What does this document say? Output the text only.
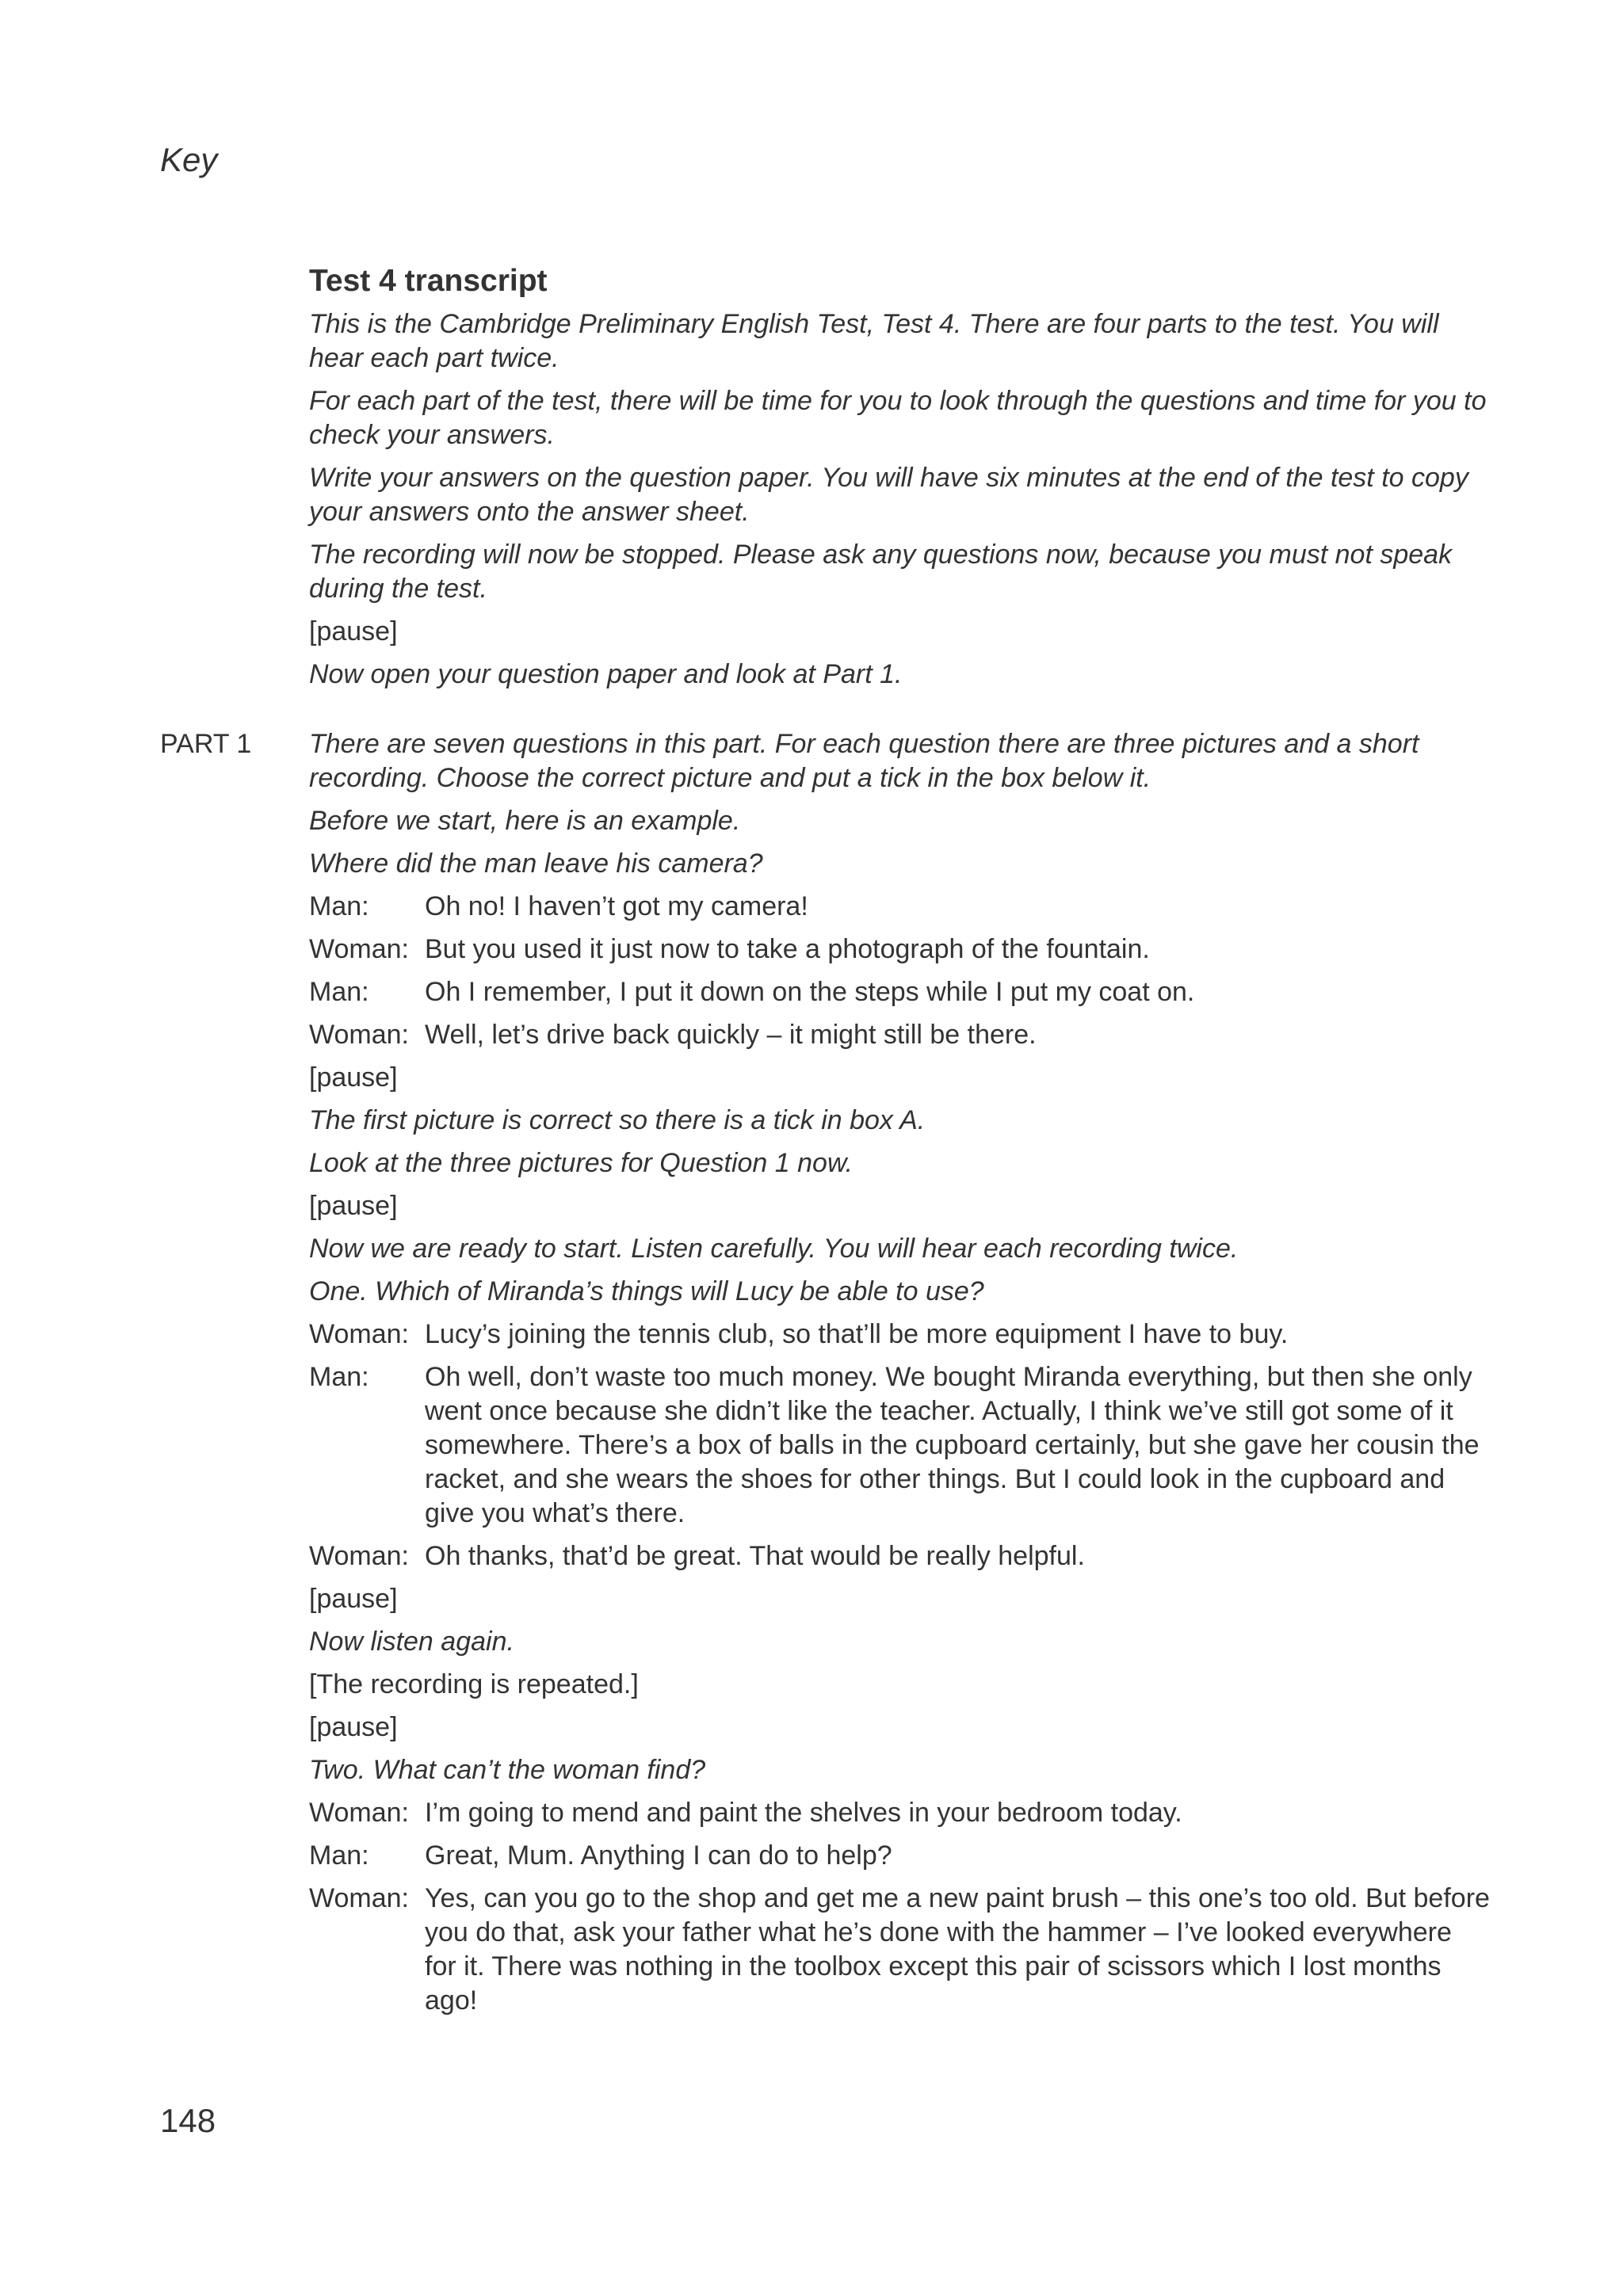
Key
Test 4 transcript
This is the Cambridge Preliminary English Test, Test 4. There are four parts to the test. You will hear each part twice.
For each part of the test, there will be time for you to look through the questions and time for you to check your answers.
Write your answers on the question paper. You will have six minutes at the end of the test to copy your answers onto the answer sheet.
The recording will now be stopped. Please ask any questions now, because you must not speak during the test.
[pause]
Now open your question paper and look at Part 1.
PART 1 There are seven questions in this part. For each question there are three pictures and a short recording. Choose the correct picture and put a tick in the box below it.
Before we start, here is an example.
Where did the man leave his camera?
Man:	Oh no! I haven’t got my camera!
Woman: But you used it just now to take a photograph of the fountain.
Man:	Oh I remember, I put it down on the steps while I put my coat on.
Woman: Well, let’s drive back quickly – it might still be there.
[pause]
The first picture is correct so there is a tick in box A.
Look at the three pictures for Question 1 now.
[pause]
Now we are ready to start. Listen carefully. You will hear each recording twice.
One. Which of Miranda’s things will Lucy be able to use?
Woman: Lucy’s joining the tennis club, so that’ll be more equipment I have to buy.
Man:	Oh well, don’t waste too much money. We bought Miranda everything, but then she only went once because she didn’t like the teacher. Actually, I think we’ve still got some of it somewhere. There’s a box of balls in the cupboard certainly, but she gave her cousin the racket, and she wears the shoes for other things. But I could look in the cupboard and give you what’s there.
Woman: Oh thanks, that’d be great. That would be really helpful.
[pause]
Now listen again.
[The recording is repeated.]
[pause]
Two. What can’t the woman find?
Woman: I’m going to mend and paint the shelves in your bedroom today.
Man:	Great, Mum. Anything I can do to help?
Woman: Yes, can you go to the shop and get me a new paint brush – this one’s too old. But before you do that, ask your father what he’s done with the hammer – I’ve looked everywhere for it. There was nothing in the toolbox except this pair of scissors which I lost months ago!
148
